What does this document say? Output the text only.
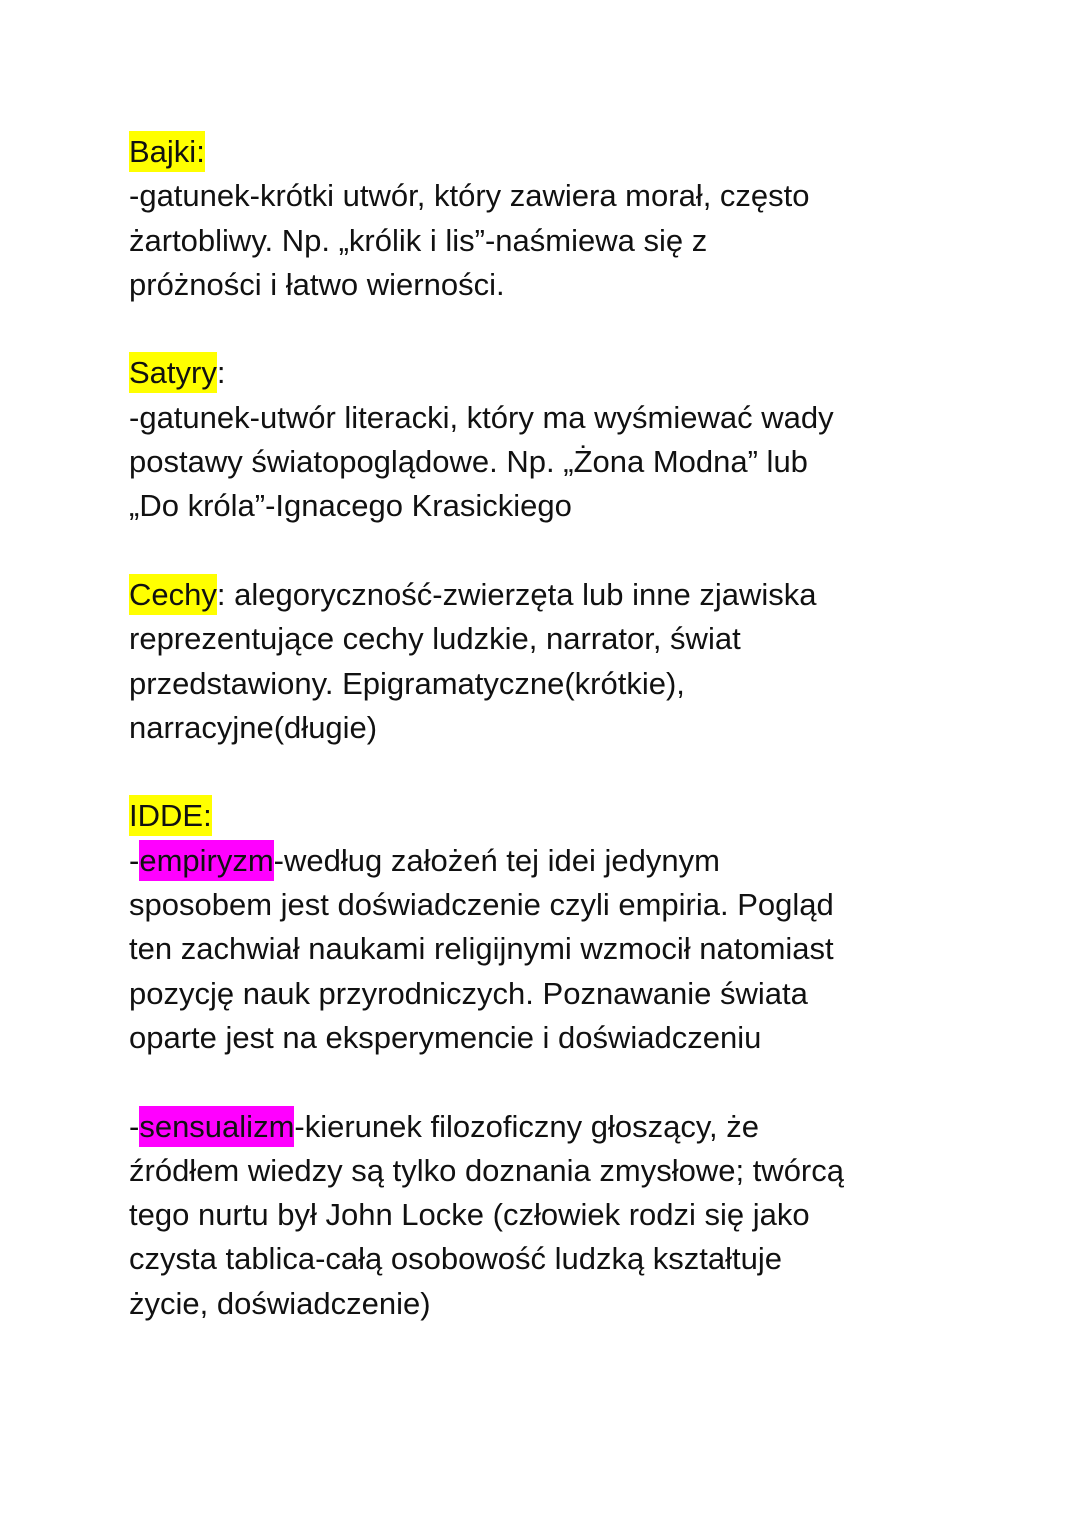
Bajki:
-gatunek-krótki utwór, który zawiera morał, często
żartobliwy. Np. „królik i lis”-naśmiewa się z
próżności i łatwo wierności.
Satyry:
-gatunek-utwór literacki, który ma wyśmiewać wady
postawy światopoglądowe. Np. „Żona Modna” lub
„Do króla”-Ignacego Krasickiego
Cechy: alegoryczność-zwierzęta lub inne zjawiska
reprezentujące cechy ludzkie, narrator, świat
przedstawiony. Epigramatyczne(krótkie),
narracyjne(długie)
IDDE:
-empiryzm-według założeń tej idei jedynym
sposobem jest doświadczenie czyli empiria. Pogląd
ten zachwiał naukami religijnymi wzmocił natomiast
pozycję nauk przyrodniczych. Poznawanie świata
oparte jest na eksperymencie i doświadczeniu
-sensualizm-kierunek filozoficzny głoszący, że
źródłem wiedzy są tylko doznania zmysłowe; twórcą
tego nurtu był John Locke (człowiek rodzi się jako
czysta tablica-całą osobowość ludzką kształtuje
życie, doświadczenie)
